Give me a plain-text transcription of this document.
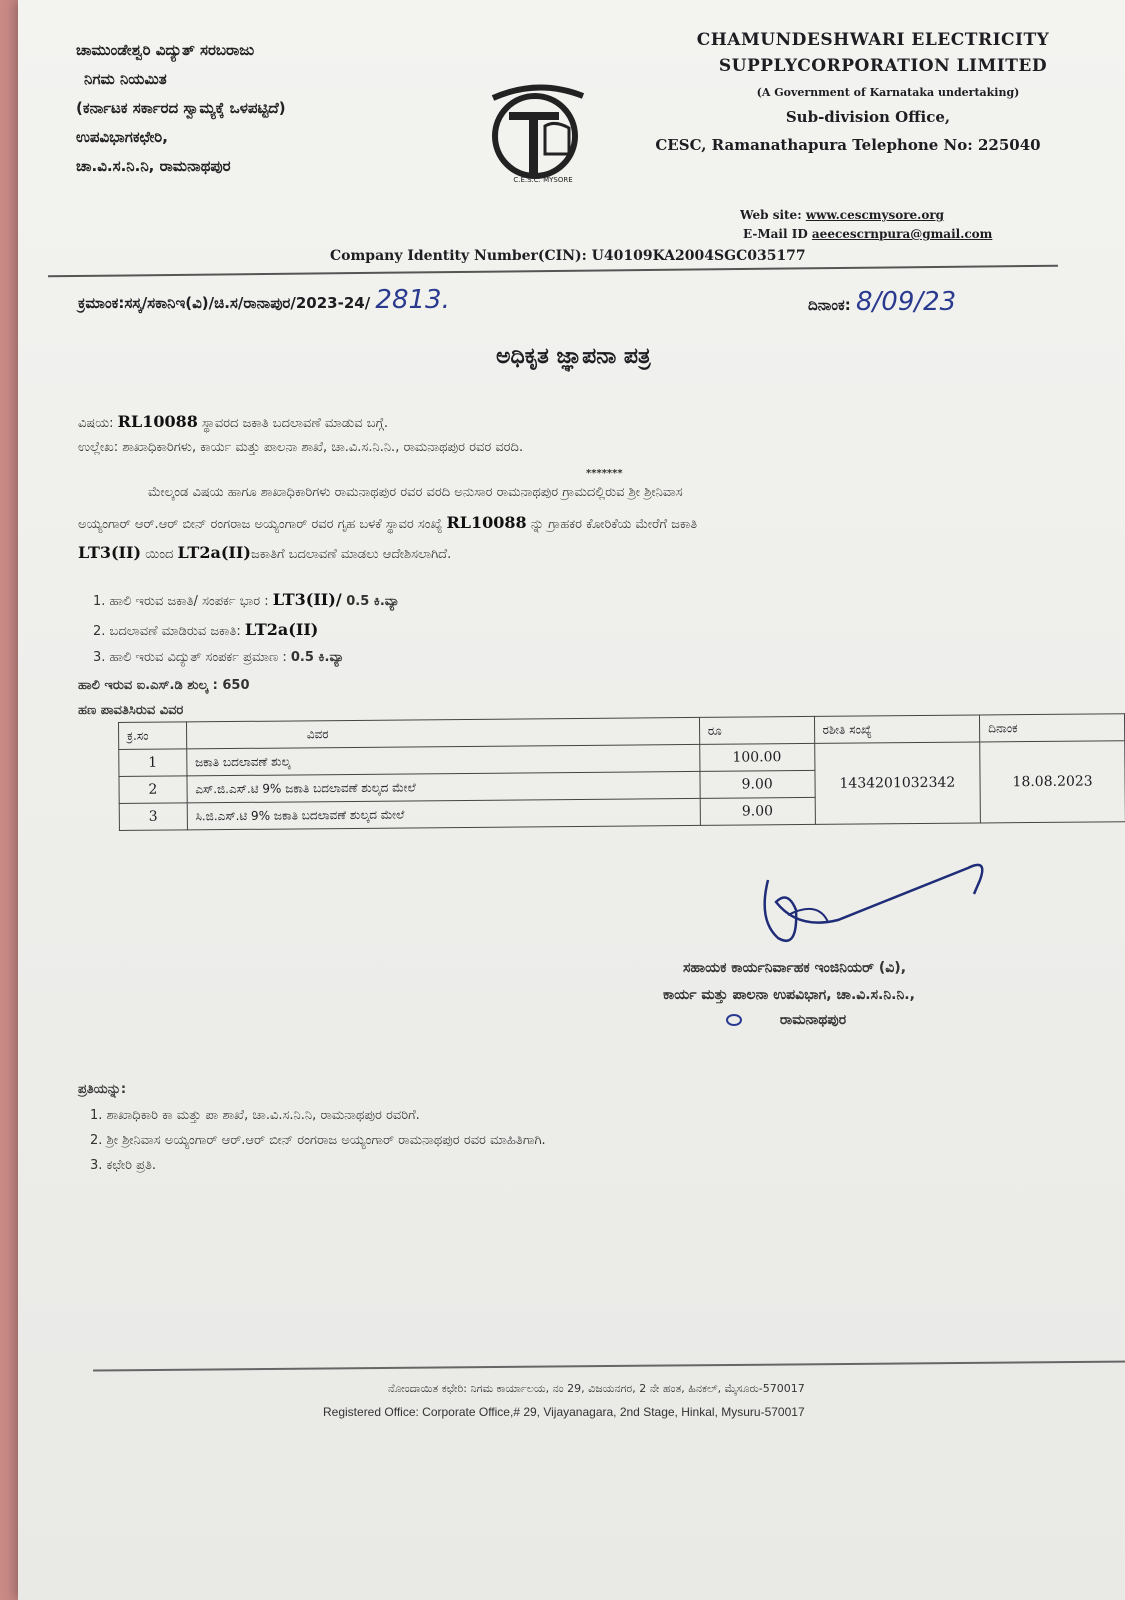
ಚಾಮುಂಡೇಶ್ವರಿ ವಿದ್ಯುತ್ ಸರಬರಾಜು
ನಿಗಮ ನಿಯಮಿತ
(ಕರ್ನಾಟಕ ಸರ್ಕಾರದ ಸ್ವಾಮ್ಯಕ್ಕೆ ಒಳಪಟ್ಟಿದೆ)
ಉಪವಿಭಾಗಕಛೇರಿ,
ಚಾ.ವಿ.ಸ.ನಿ.ನಿ, ರಾಮನಾಥಪುರ
C.E.S.C. MYSORE
CHAMUNDESHWARI ELECTRICITY
SUPPLYCORPORATION LIMITED
(A Government of Karnataka undertaking)
Sub-division Office,
CESC, Ramanathapura Telephone No: 225040
Web site: www.cescmysore.org
E-Mail ID aeecescrnpura@gmail.com
Company Identity Number(CIN): U40109KA2004SGC035177
ಕ್ರಮಾಂಕ:ಸಸ್ಕ/ಸಕಾನಿಇ(ವಿ)/ಚಿ.ಸ/ರಾನಾಪುರ/2023-24/ 2813.	ದಿನಾಂಕ: 8/09/23
ಅಧಿಕೃತ ಜ್ಞಾಪನಾ ಪತ್ರ
ವಿಷಯ: RL10088 ಸ್ಥಾವರದ ಜಕಾತಿ ಬದಲಾವಣೆ ಮಾಡುವ ಬಗ್ಗೆ.
ಉಲ್ಲೇಖ: ಶಾಖಾಧಿಕಾರಿಗಳು, ಕಾರ್ಯ ಮತ್ತು ಪಾಲನಾ ಶಾಖೆ, ಚಾ.ವಿ.ಸ.ನಿ.ನಿ., ರಾಮನಾಥಪುರ ರವರ ವರದಿ.
*******
ಮೇಲ್ಕಂಡ ವಿಷಯ ಹಾಗೂ ಶಾಖಾಧಿಕಾರಿಗಳು ರಾಮನಾಥಪುರ ರವರ ವರದಿ ಅನುಸಾರ ರಾಮನಾಥಪುರ ಗ್ರಾಮದಲ್ಲಿರುವ ಶ್ರೀ ಶ್ರೀನಿವಾಸ
ಅಯ್ಯಂಗಾರ್ ಆರ್.ಆರ್ ಬೀನ್ ರಂಗರಾಜ ಅಯ್ಯಂಗಾರ್ ರವರ ಗೃಹ ಬಳಕೆ ಸ್ಥಾವರ ಸಂಖ್ಯೆ RL10088 ನ್ನು ಗ್ರಾಹಕರ ಕೋರಿಕೆಯ ಮೇರೆಗೆ ಜಕಾತಿ
LT3(II) ಯಿಂದ LT2a(II)ಜಕಾತಿಗೆ ಬದಲಾವಣೆ ಮಾಡಲು ಆದೇಶಿಸಲಾಗಿದೆ.
1. ಹಾಲಿ ಇರುವ ಜಕಾತಿ/ ಸಂಪರ್ಕ ಭಾರ : LT3(II)/ 0.5 ಕಿ.ವ್ಯಾ
2. ಬದಲಾವಣೆ ಮಾಡಿರುವ ಜಕಾತಿ: LT2a(II)
3. ಹಾಲಿ ಇರುವ ವಿದ್ಯುತ್ ಸಂಪರ್ಕ ಪ್ರಮಾಣ : 0.5 ಕಿ.ವ್ಯಾ
ಹಾಲಿ ಇರುವ ಐ.ಎಸ್.ಡಿ ಶುಲ್ಕ : 650
ಹಣ ಪಾವತಿಸಿರುವ ವಿವರ
ಕ್ರ.ಸಂ	ವಿವರ	ರೂ	ರಶೀತಿ ಸಂಖ್ಯೆ	ದಿನಾಂಕ
1	ಜಕಾತಿ ಬದಲಾವಣೆ ಶುಲ್ಕ	100.00	1434201032342	18.08.2023
2	ಎಸ್.ಜಿ.ಎಸ್.ಟಿ 9% ಜಕಾತಿ ಬದಲಾವಣೆ ಶುಲ್ಕದ ಮೇಲೆ	9.00		
3	ಸಿ.ಜಿ.ಎಸ್.ಟಿ 9% ಜಕಾತಿ ಬದಲಾವಣೆ ಶುಲ್ಕದ ಮೇಲೆ	9.00		
ಸಹಾಯಕ ಕಾರ್ಯನಿರ್ವಾಹಕ ಇಂಜಿನಿಯರ್ (ವಿ),
ಕಾರ್ಯ ಮತ್ತು ಪಾಲನಾ ಉಪವಿಭಾಗ, ಚಾ.ವಿ.ಸ.ನಿ.ನಿ.,
ರಾಮನಾಥಪುರ
ಪ್ರತಿಯನ್ನು:
1. ಶಾಖಾಧಿಕಾರಿ ಕಾ ಮತ್ತು ಪಾ ಶಾಖೆ, ಚಾ.ವಿ.ಸ.ನಿ.ನಿ, ರಾಮನಾಥಪುರ ರವರಿಗೆ.
2. ಶ್ರೀ ಶ್ರೀನಿವಾಸ ಅಯ್ಯಂಗಾರ್ ಆರ್.ಆರ್ ಬೀನ್ ರಂಗರಾಜ ಅಯ್ಯಂಗಾರ್ ರಾಮನಾಥಪುರ ರವರ ಮಾಹಿತಿಗಾಗಿ.
3. ಕಛೇರಿ ಪ್ರತಿ.
ನೋಂದಾಯಿತ ಕಛೇರಿ: ನಿಗಮ ಕಾರ್ಯಾಲಯ, ನಂ 29, ವಿಜಯನಗರ, 2 ನೇ ಹಂತ, ಹಿನಕಲ್, ಮೈಸೂರು-570017
Registered Office: Corporate Office,# 29, Vijayanagara, 2nd Stage, Hinkal, Mysuru-570017
